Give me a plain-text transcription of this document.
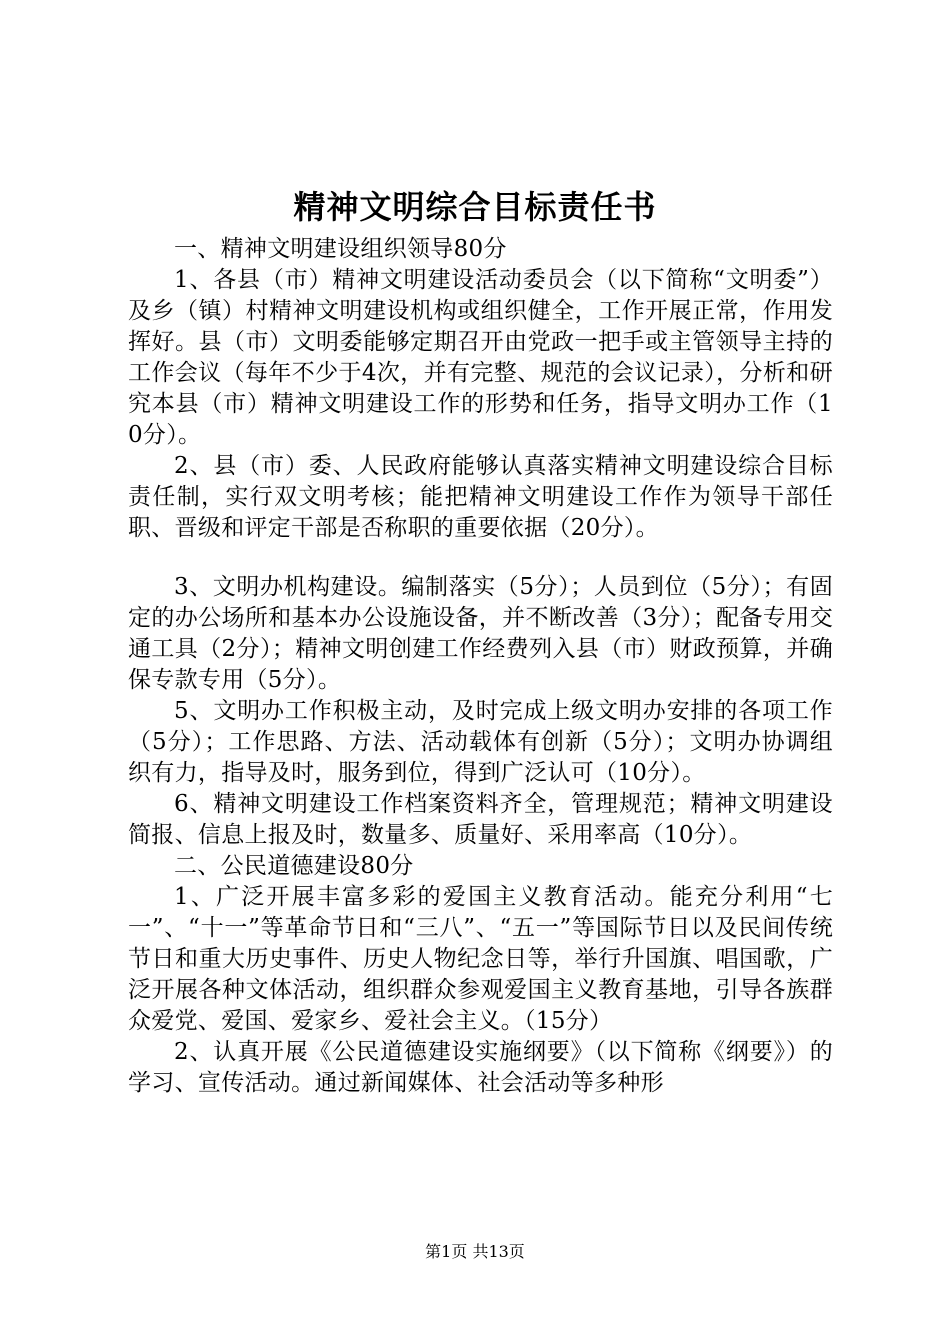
精神文明综合目标责任书

一、精神文明建设组织领导80分

1、各县（市）精神文明建设活动委员会（以下简称“文明委”）及乡（镇）村精神文明建设机构或组织健全，工作开展正常，作用发挥好。县（市）文明委能够定期召开由党政一把手或主管领导主持的工作会议（每年不少于4次，并有完整、规范的会议记录），分析和研究本县（市）精神文明建设工作的形势和任务，指导文明办工作（10分）。

2、县（市）委、人民政府能够认真落实精神文明建设综合目标责任制，实行双文明考核；能把精神文明建设工作作为领导干部任职、晋级和评定干部是否称职的重要依据（20分）。

3、文明办机构建设。编制落实（5分）；人员到位（5分）；有固定的办公场所和基本办公设施设备，并不断改善（3分）；配备专用交通工具（2分）；精神文明创建工作经费列入县（市）财政预算，并确保专款专用（5分）。

5、文明办工作积极主动，及时完成上级文明办安排的各项工作（5分）；工作思路、方法、活动载体有创新（5分）；文明办协调组织有力，指导及时，服务到位，得到广泛认可（10分）。

6、精神文明建设工作档案资料齐全，管理规范；精神文明建设简报、信息上报及时，数量多、质量好、采用率高（10分）。

二、公民道德建设80分

1、广泛开展丰富多彩的爱国主义教育活动。能充分利用“七一”、“十一”等革命节日和“三八”、“五一”等国际节日以及民间传统节日和重大历史事件、历史人物纪念日等，举行升国旗、唱国歌，广泛开展各种文体活动，组织群众参观爱国主义教育基地，引导各族群众爱党、爱国、爱家乡、爱社会主义。（15分）

2、认真开展《公民道德建设实施纲要》（以下简称《纲要》）的学习、宣传活动。通过新闻媒体、社会活动等多种形

第1页 共13页
